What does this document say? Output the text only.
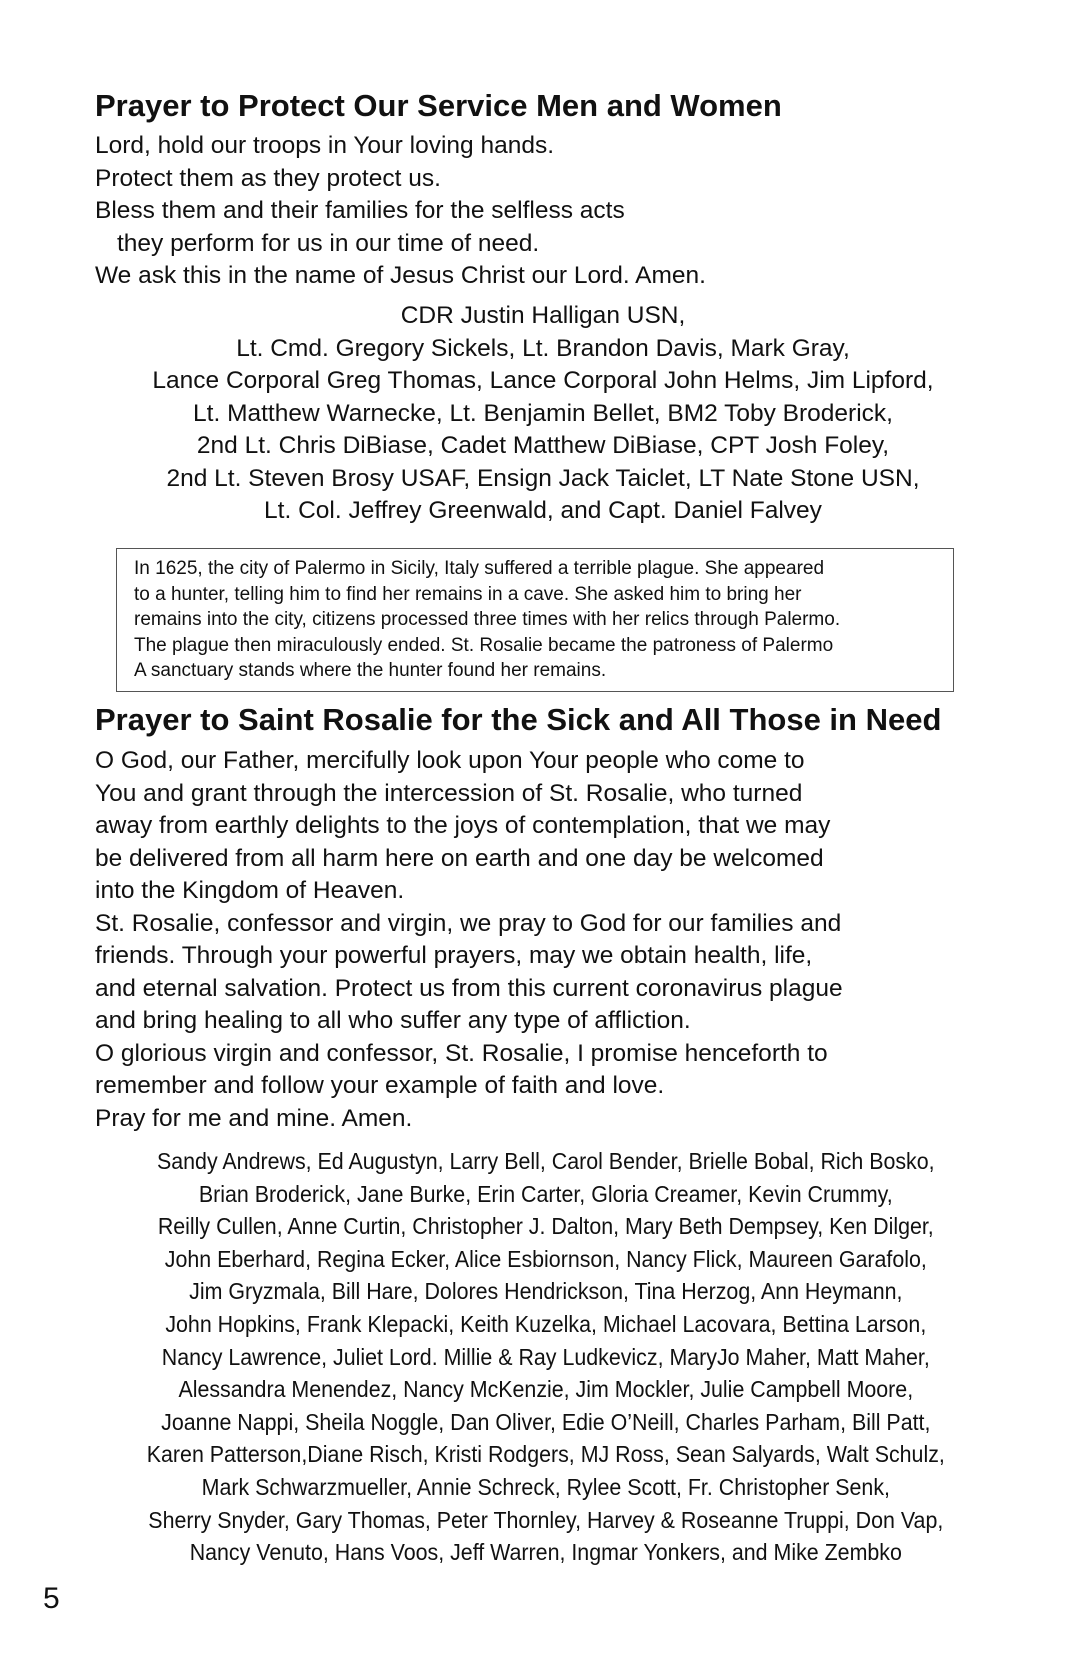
Prayer to Protect Our Service Men and Women
Lord, hold our troops in Your loving hands.
Protect them as they protect us.
Bless them and their families for the selfless acts
they perform for us in our time of need.
We ask this in the name of Jesus Christ our Lord. Amen.
CDR Justin Halligan USN,
Lt. Cmd. Gregory Sickels, Lt. Brandon Davis, Mark Gray,
Lance Corporal Greg Thomas, Lance Corporal John Helms, Jim Lipford,
Lt. Matthew Warnecke, Lt. Benjamin Bellet, BM2 Toby Broderick,
2nd Lt. Chris DiBiase, Cadet Matthew DiBiase, CPT Josh Foley,
2nd Lt. Steven Brosy USAF, Ensign Jack Taiclet, LT Nate Stone USN,
Lt. Col. Jeffrey Greenwald, and Capt. Daniel Falvey
In 1625, the city of Palermo in Sicily, Italy suffered a terrible plague. She appeared
to a hunter, telling him to find her remains in a cave. She asked him to bring her
remains into the city, citizens processed three times with her relics through Palermo.
The plague then miraculously ended. St. Rosalie became the patroness of Palermo
A sanctuary stands where the hunter found her remains.
Prayer to Saint Rosalie for the Sick and All Those in Need
O God, our Father, mercifully look upon Your people who come to
You and grant through the intercession of St. Rosalie, who turned
away from earthly delights to the joys of contemplation, that we may
be delivered from all harm here on earth and one day be welcomed
into the Kingdom of Heaven.
St. Rosalie, confessor and virgin, we pray to God for our families and
friends. Through your powerful prayers, may we obtain health, life,
and eternal salvation. Protect us from this current coronavirus plague
and bring healing to all who suffer any type of affliction.
O glorious virgin and confessor, St. Rosalie, I promise henceforth to
remember and follow your example of faith and love.
Pray for me and mine. Amen.
Sandy Andrews, Ed Augustyn, Larry Bell, Carol Bender, Brielle Bobal, Rich Bosko,
Brian Broderick, Jane Burke, Erin Carter, Gloria Creamer, Kevin Crummy,
Reilly Cullen, Anne Curtin, Christopher J. Dalton, Mary Beth Dempsey, Ken Dilger,
John Eberhard, Regina Ecker, Alice Esbiornson, Nancy Flick, Maureen Garafolo,
Jim Gryzmala, Bill Hare, Dolores Hendrickson, Tina Herzog, Ann Heymann,
John Hopkins, Frank Klepacki, Keith Kuzelka, Michael Lacovara, Bettina Larson,
Nancy Lawrence, Juliet Lord. Millie & Ray Ludkevicz, MaryJo Maher, Matt Maher,
Alessandra Menendez, Nancy McKenzie, Jim Mockler, Julie Campbell Moore,
Joanne Nappi, Sheila Noggle, Dan Oliver, Edie O’Neill, Charles Parham, Bill Patt,
Karen Patterson,Diane Risch, Kristi Rodgers, MJ Ross, Sean Salyards, Walt Schulz,
Mark Schwarzmueller, Annie Schreck, Rylee Scott, Fr. Christopher Senk,
Sherry Snyder, Gary Thomas, Peter Thornley, Harvey & Roseanne Truppi, Don Vap,
Nancy Venuto, Hans Voos, Jeff Warren, Ingmar Yonkers, and Mike Zembko
5
